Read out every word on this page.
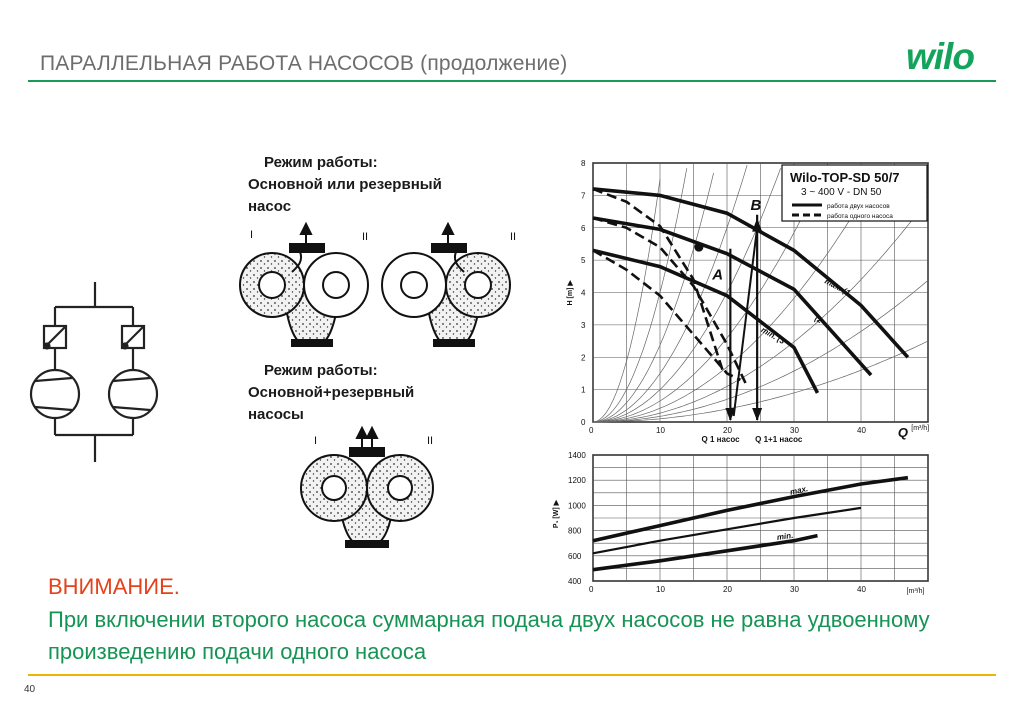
ПАРАЛЛЕЛЬНАЯ РАБОТА НАСОСОВ (продолжение)	wilo
Режим работы:
Основной или резервный
насос
Режим работы:
Основной+резервный
насосы
I	II	II
I	II
0
1
2
3
4
5
6
7
8
0	10	20	30	40 Q [m³/h]
H [m] ▶
A
B
max. (1
(2
min. (3
Q 1 насос Q 1+1 насос
Wilo-TOP-SD 50/7
3 ~ 400 V - DN 50
работа двух насосов
работа одного насоса
400
600
800
1000
1200
1400
0	10	20	30	40	[m³/h]
P₁ [W] ▶
max.
min.
ВНИМАНИЕ.
При включении второго насоса суммарная подача двух насосов не равна удвоенному произведению подачи одного насоса
40
